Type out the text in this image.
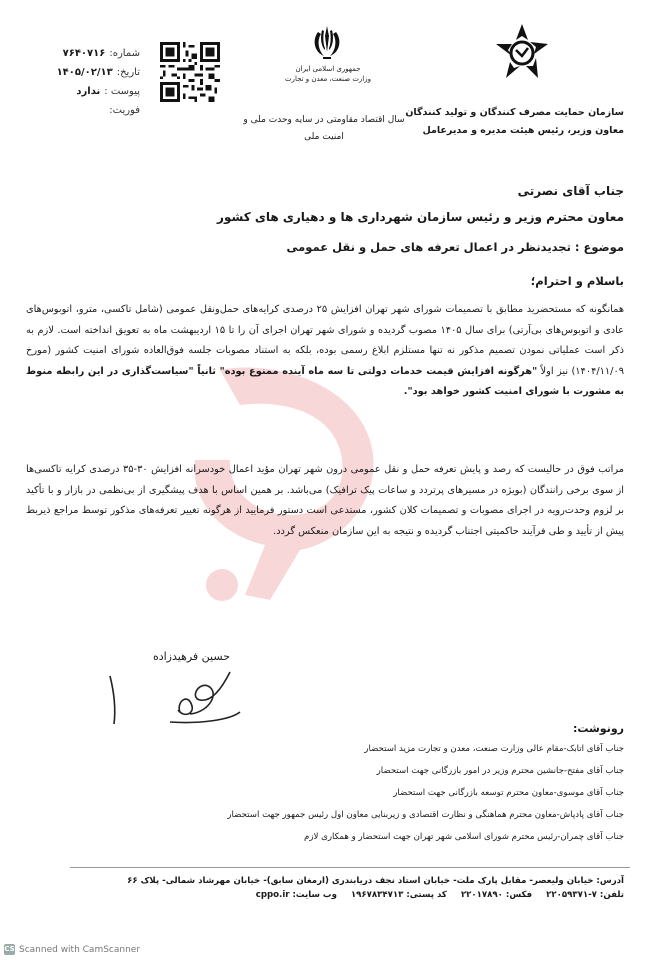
شماره:
۷۶۴۰۷۱۶
تاریخ:
۱۴۰۵/۰۲/۱۳
پیوست :
ندارد
فوریت:
جمهوری اسلامی ایران
وزارت صنعت، معدن و تجارت
سال اقتصاد مقاومتی در سایه وحدت ملی و امنیت ملی
سازمان حمایت مصرف کنندگان و تولید کنندگان
معاون وزیر، رئیس هیئت مدیره و مدیرعامل
جناب آقای نصرتی
معاون محترم وزیر و رئیس سازمان شهرداری ها و دهیاری های کشور
موضوع : تجدیدنظر در اعمال تعرفه های حمل و نقل عمومی
باسلام و احترام؛
همانگونه که مستحضرید مطابق با تصمیمات شورای شهر تهران افزایش ۲۵ درصدی کرایه‌های حمل‌ونقل عمومی (شامل تاکسی، مترو، اتوبوس‌های عادی و اتوبوس‌های بی‌آرتی) برای سال ۱۴۰۵ مصوب گردیده و شورای شهر تهران اجرای آن را تا ۱۵ اردیبهشت ماه به تعویق انداخته است. لازم به ذکر است عملیاتی نمودن تصمیم مذکور نه تنها مستلزم ابلاغ رسمی بوده، بلکه به استناد مصوبات جلسه فوق‌العاده شورای امنیت کشور (مورخ ۱۴۰۴/۱۱/۰۹) نیز اولاً "هرگونه افزایش قیمت خدمات دولتی تا سه ماه آینده ممنوع بوده" ثانیاً "سیاست‌گذاری در این رابطه منوط به مشورت با شورای امنیت کشور خواهد بود".
مراتب فوق در حالیست که رصد و پایش تعرفه حمل و نقل عمومی درون شهر تهران مؤید اعمال خودسرانه افزایش ۳۰-۳۵ درصدی کرایه تاکسی‌ها از سوی برخی رانندگان (بویژه در مسیرهای پرتردد و ساعات پیک ترافیک) می‌باشد. بر همین اساس با هدف پیشگیری از بی‌نظمی در بازار و با تأکید بر لزوم وحدت‌رویه در اجرای مصوبات و تصمیمات کلان کشور، مستدعی است دستور فرمایید از هرگونه تغییر تعرفه‌های مذکور توسط مراجع ذیربط پیش از تأیید و طی فرآیند حاکمیتی اجتناب گردیده و نتیجه به این سازمان منعکس گردد.
حسین فرهیدزاده
رونوشت:
جناب آقای اتابک-مقام عالی وزارت صنعت، معدن و تجارت مزید استحضار
جناب آقای مفتح-جانشین محترم وزیر در امور بازرگانی جهت استحضار
جناب آقای موسوی-معاون محترم توسعه بازرگانی جهت استحضار
جناب آقای پادپاش-معاون محترم هماهنگی و نظارت اقتصادی و زیربنایی معاون اول رئیس جمهور جهت استحضار
جناب آقای چمران-رئیس محترم شورای اسلامی شهر تهران جهت استحضار و همکاری لازم
آدرس: خیابان ولیعصر- مقابل پارک ملت- خیابان استاد نجف دریابندری (ارمغان سابق)- خیابان مهرشاد شمالی- پلاک ۶۶
تلفن: ۷-۲۲۰۵۹۳۷۱
فکس: ۲۲۰۱۷۸۹۰
کد پستی: ۱۹۶۷۸۳۴۷۱۳
وب سایت: cppo.ir
CS Scanned with CamScanner
